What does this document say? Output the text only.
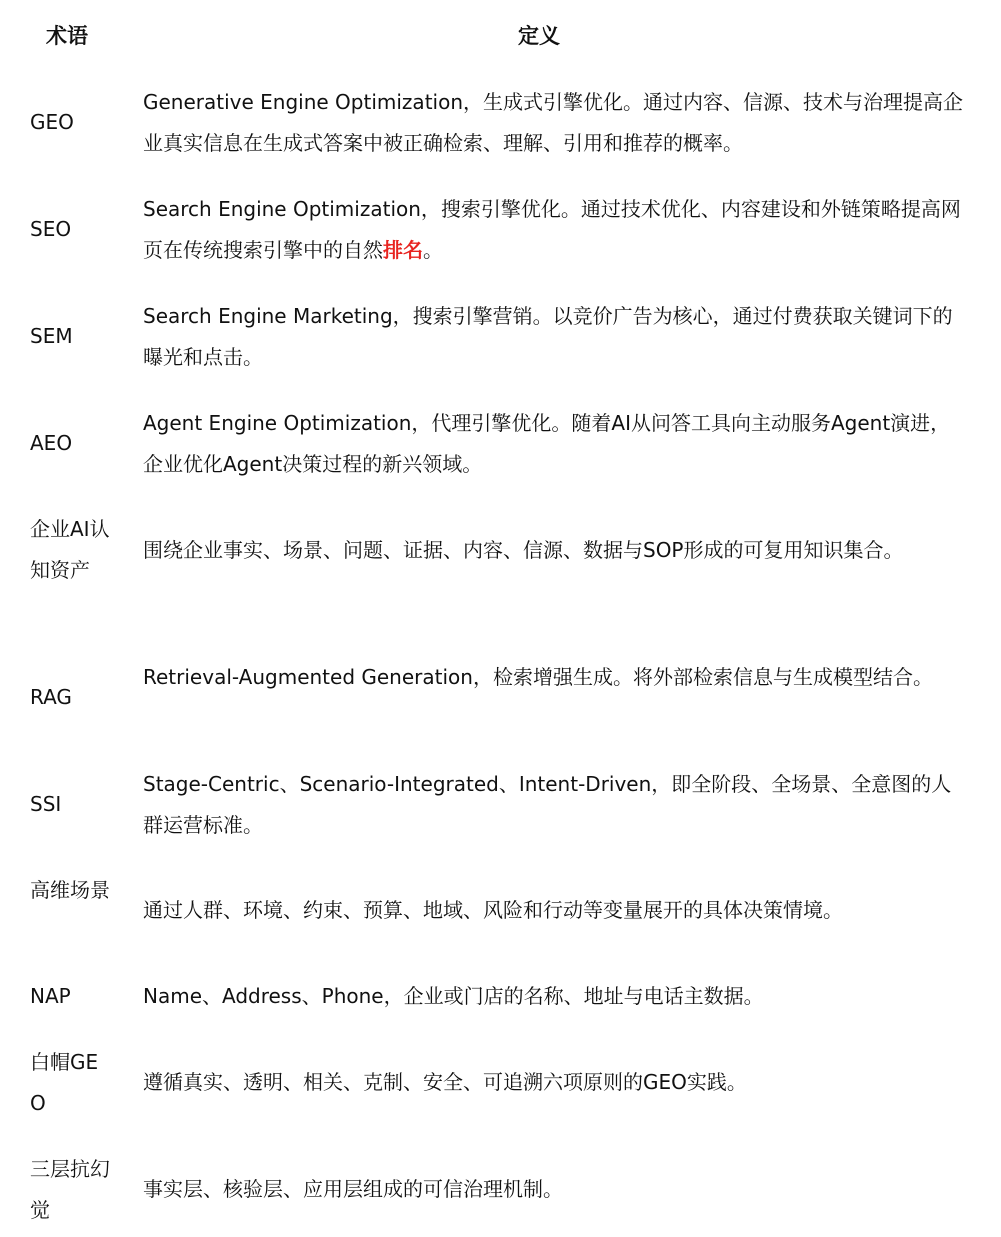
术语	定义
GEO
Generative Engine Optimization，生成式引擎优化。通过内容、信源、技术与治理提高企业真实信息在生成式答案中被正确检索、理解、引用和推荐的概率。
SEO
Search Engine Optimization，搜索引擎优化。通过技术优化、内容建设和外链策略提高网页在传统搜索引擎中的自然排名。
SEM
Search Engine Marketing，搜索引擎营销。以竞价广告为核心，通过付费获取关键词下的曝光和点击。
AEO
Agent Engine Optimization，代理引擎优化。随着AI从问答工具向主动服务Agent演进，企业优化Agent决策过程的新兴领域。
企业AI认知资产
围绕企业事实、场景、问题、证据、内容、信源、数据与SOP形成的可复用知识集合。
RAG
Retrieval-Augmented Generation，检索增强生成。将外部检索信息与生成模型结合。
SSI
Stage-Centric、Scenario-Integrated、Intent-Driven，即全阶段、全场景、全意图的人群运营标准。
高维场景
通过人群、环境、约束、预算、地域、风险和行动等变量展开的具体决策情境。
NAP	Name、Address、Phone，企业或门店的名称、地址与电话主数据。
白帽GEO
遵循真实、透明、相关、克制、安全、可追溯六项原则的GEO实践。
三层抗幻觉
事实层、核验层、应用层组成的可信治理机制。
